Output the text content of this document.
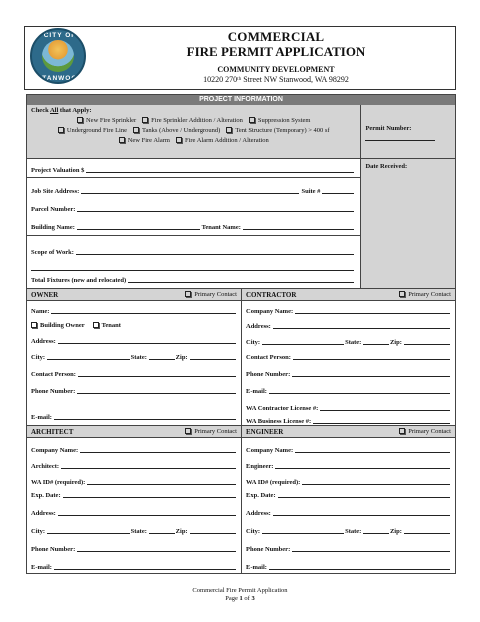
CITY OF
STANWOOD
COMMERCIAL
FIRE PERMIT APPLICATION
COMMUNITY DEVELOPMENT
10220 270ᵗʰ Street NW Stanwood, WA 98292
PROJECT INFORMATION
Check All that Apply:
New Fire Sprinkler	Fire Sprinkler Addition / Alteration	Suppression System
Underground Fire Line	Tanks (Above / Underground)	Tent Structure (Temporary) > 400 sf
New Fire Alarm	Fire Alarm Addition / Alteration
Project Valuation $
Job Site Address:	Suite #
Parcel Number:
Building Name:	Tenant Name:
Scope of Work:
Total Fixtures (new and relocated)
Permit Number:
Date Received:
OWNER	Primary Contact
Name:
Building Owner	Tenant
Address:
City:	State:	Zip:
Contact Person:
Phone Number:
E-mail:
CONTRACTOR	Primary Contact
Company Name:
Address:
City:	State:	Zip:
Contact Person:
Phone Number:
E-mail:
WA Contractor License #:
WA Business License #:
ARCHITECT	Primary Contact
Company Name:
Architect:
WA ID# (required):
Exp. Date:
Address:
City:	State:	Zip:
Phone Number:
E-mail:
ENGINEER	Primary Contact
Company Name:
Engineer:
WA ID# (required):
Exp. Date:
Address:
City:	State:	Zip:
Phone Number:
E-mail:
Commercial Fire Permit Application
Page 1 of 3
